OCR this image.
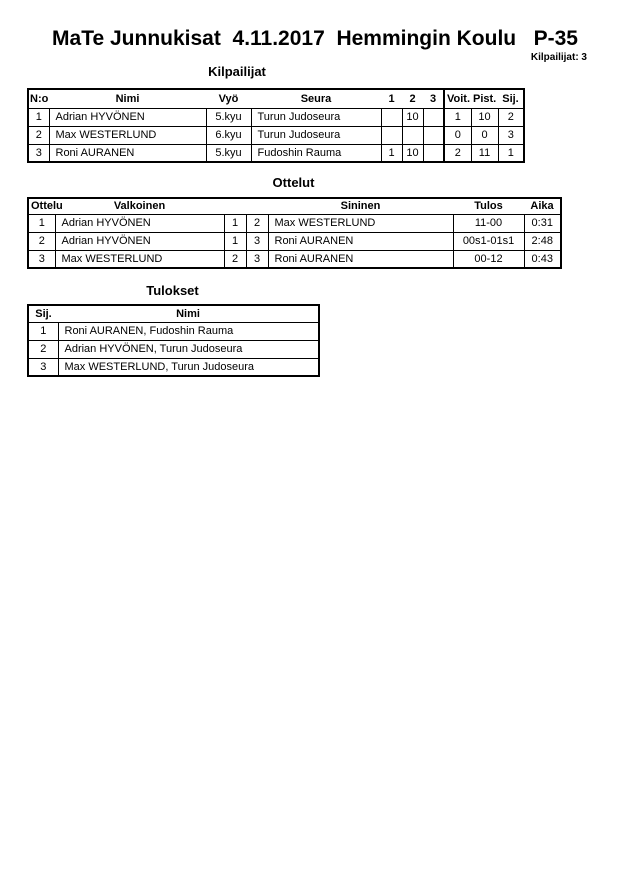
MaTe Junnukisat  4.11.2017  Hemmingin Koulu   P-35
Kilpailijat: 3
Kilpailijat
N:o	Nimi	Vyö	Seura	1	2	3	Voit.	Pist.	Sij.
1	Adrian HYVÖNEN	5.kyu	Turun Judoseura		10		1	10	2
2	Max WESTERLUND	6.kyu	Turun Judoseura				0	0	3
3	Roni AURANEN	5.kyu	Fudoshin Rauma	1	10		2	11	1
Ottelut
Ottelu	Valkoinen			Sininen	Tulos	Aika
1	Adrian HYVÖNEN	1	2	Max WESTERLUND	11-00	0:31
2	Adrian HYVÖNEN	1	3	Roni AURANEN	00s1-01s1	2:48
3	Max WESTERLUND	2	3	Roni AURANEN	00-12	0:43
Tulokset
Sij.	Nimi
1	Roni AURANEN, Fudoshin Rauma
2	Adrian HYVÖNEN, Turun Judoseura
3	Max WESTERLUND, Turun Judoseura
